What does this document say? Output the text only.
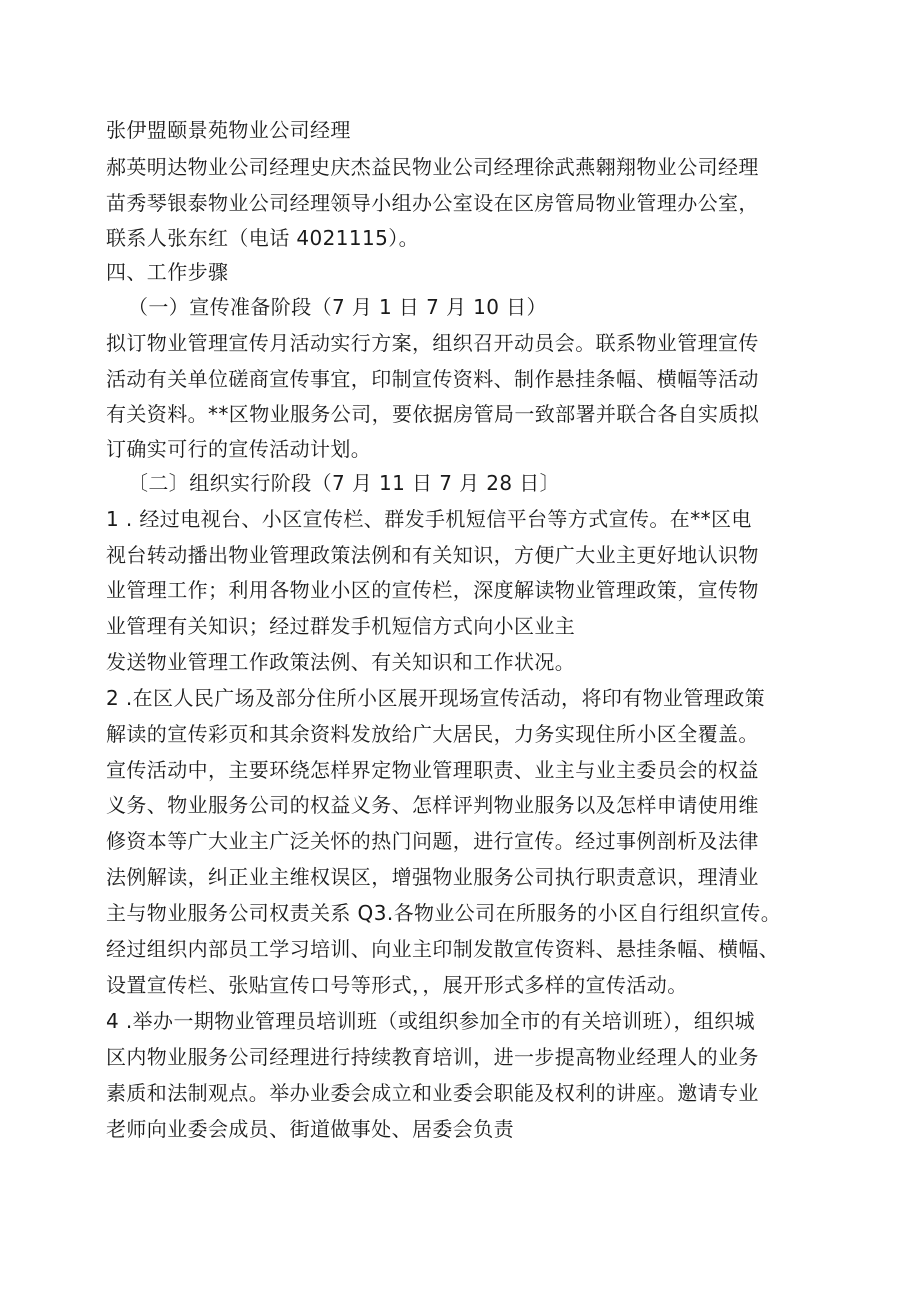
张伊盟颐景苑物业公司经理
郝英明达物业公司经理史庆杰益民物业公司经理徐武燕翱翔物业公司经理
苗秀琴银泰物业公司经理领导小组办公室设在区房管局物业管理办公室，
联系人张东红（电话 4021115）。
四、工作步骤
（一）宣传准备阶段（7 月 1 日 7 月 10 日）
拟订物业管理宣传月活动实行方案，组织召开动员会。联系物业管理宣传
活动有关单位磋商宣传事宜，印制宣传资料、制作悬挂条幅、横幅等活动
有关资料。**区物业服务公司，要依据房管局一致部署并联合各自实质拟
订确实可行的宣传活动计划。
〔二〕组织实行阶段（7 月 11 日 7 月 28 日〕
1 . 经过电视台、小区宣传栏、群发手机短信平台等方式宣传。在**区电
视台转动播出物业管理政策法例和有关知识，方便广大业主更好地认识物
业管理工作；利用各物业小区的宣传栏，深度解读物业管理政策，宣传物
业管理有关知识；经过群发手机短信方式向小区业主
发送物业管理工作政策法例、有关知识和工作状况。
2 .在区人民广场及部分住所小区展开现场宣传活动，将印有物业管理政策
解读的宣传彩页和其余资料发放给广大居民，力务实现住所小区全覆盖。
宣传活动中，主要环绕怎样界定物业管理职责、业主与业主委员会的权益
义务、物业服务公司的权益义务、怎样评判物业服务以及怎样申请使用维
修资本等广大业主广泛关怀的热门问题，进行宣传。经过事例剖析及法律
法例解读，纠正业主维权误区，增强物业服务公司执行职责意识，理清业
主与物业服务公司权责关系 Q3.各物业公司在所服务的小区自行组织宣传。
经过组织内部员工学习培训、向业主印制发散宣传资料、悬挂条幅、横幅、
设置宣传栏、张贴宣传口号等形式，，展开形式多样的宣传活动。
4 .举办一期物业管理员培训班（或组织参加全市的有关培训班），组织城
区内物业服务公司经理进行持续教育培训，进一步提高物业经理人的业务
素质和法制观点。举办业委会成立和业委会职能及权利的讲座。邀请专业
老师向业委会成员、街道做事处、居委会负责
